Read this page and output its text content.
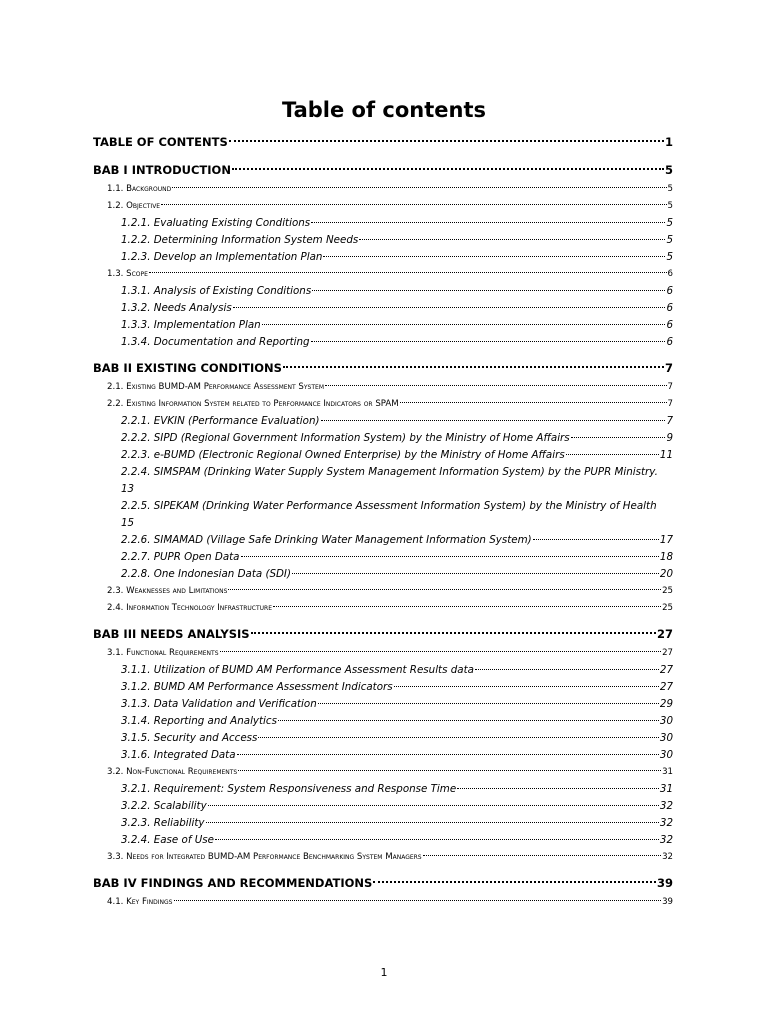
Table of contents
TABLE OF CONTENTS	1
BAB I INTRODUCTION	5
1.1. Background	5
1.2. Objective	5
1.2.1. Evaluating Existing Conditions	5
1.2.2. Determining Information System Needs	5
1.2.3. Develop an Implementation Plan	5
1.3. Scope	6
1.3.1. Analysis of Existing Conditions	6
1.3.2. Needs Analysis	6
1.3.3. Implementation Plan	6
1.3.4. Documentation and Reporting	6
BAB II EXISTING CONDITIONS	7
2.1. Existing BUMD-AM Performance Assessment System	7
2.2. Existing Information System related to Performance Indicators or SPAM	7
2.2.1. EVKIN (Performance Evaluation)	7
2.2.2. SIPD (Regional Government Information System) by the Ministry of Home Affairs	9
2.2.3. e-BUMD (Electronic Regional Owned Enterprise) by the Ministry of Home Affairs	11
2.2.4. SIMSPAM (Drinking Water Supply System Management Information System) by the PUPR Ministry.
13
2.2.5. SIPEKAM (Drinking Water Performance Assessment Information System) by the Ministry of Health
15
2.2.6. SIMAMAD (Village Safe Drinking Water Management Information System)	17
2.2.7. PUPR Open Data	18
2.2.8. One Indonesian Data (SDI)	20
2.3. Weaknesses and Limitations	25
2.4. Information Technology Infrastructure	25
BAB III NEEDS ANALYSIS	27
3.1. Functional Requirements	27
3.1.1. Utilization of BUMD AM Performance Assessment Results data	27
3.1.2. BUMD AM Performance Assessment Indicators	27
3.1.3. Data Validation and Verification	29
3.1.4. Reporting and Analytics	30
3.1.5. Security and Access	30
3.1.6. Integrated Data	30
3.2. Non-Functional Requirements	31
3.2.1. Requirement: System Responsiveness and Response Time	31
3.2.2. Scalability	32
3.2.3. Reliability	32
3.2.4. Ease of Use	32
3.3. Needs for Integrated BUMD-AM Performance Benchmarking System Managers	32
BAB IV FINDINGS AND RECOMMENDATIONS	39
4.1. Key Findings	39
1
